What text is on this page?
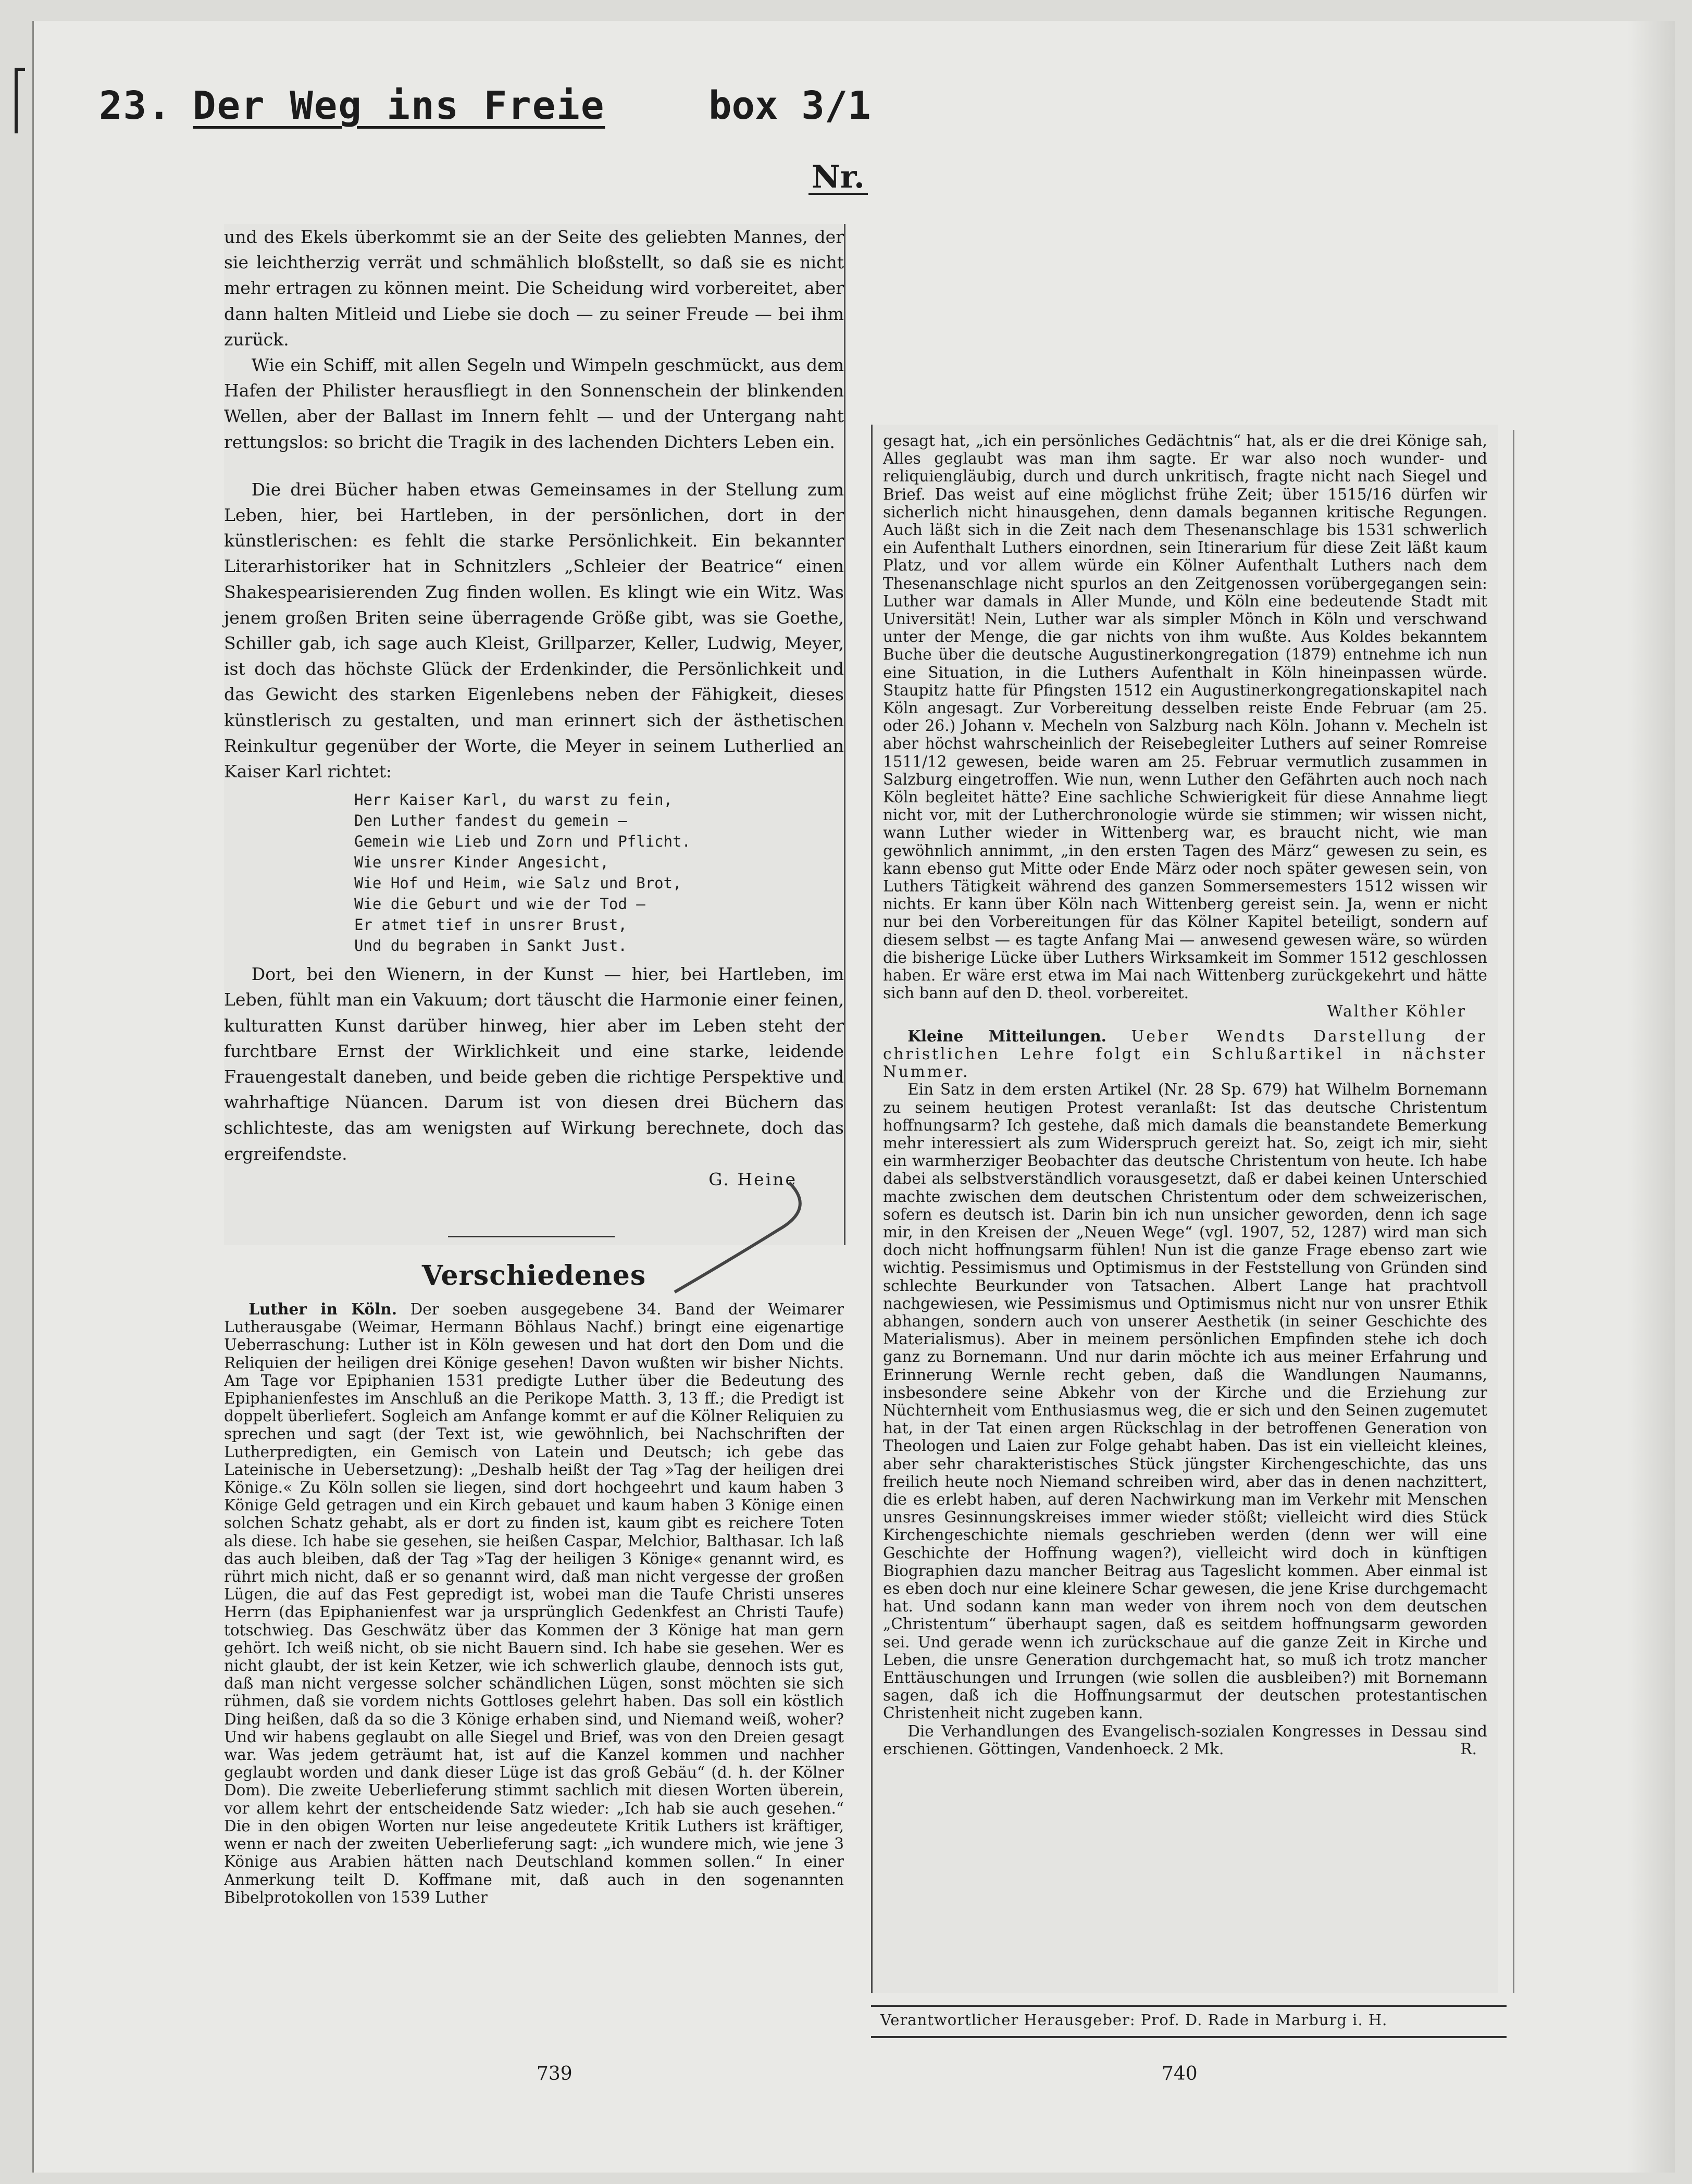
23. Der Weg ins Freie	box 3/1
Nr.

und des Ekels überkommt sie an der Seite des geliebten Mannes, der sie leichtherzig verrät und schmählich bloßstellt, so daß sie es nicht mehr ertragen zu können meint. Die Scheidung wird vorbereitet, aber dann halten Mitleid und Liebe sie doch — zu seiner Freude — bei ihm zurück.

Wie ein Schiff, mit allen Segeln und Wimpeln geschmückt, aus dem Hafen der Philister herausfliegt in den Sonnenschein der blinkenden Wellen, aber der Ballast im Innern fehlt — und der Untergang naht rettungslos: so bricht die Tragik in des lachenden Dichters Leben ein.

Die drei Bücher haben etwas Gemeinsames in der Stellung zum Leben, hier, bei Hartleben, in der persönlichen, dort in der künstlerischen: es fehlt die starke Persönlichkeit. Ein bekannter Literarhistoriker hat in Schnitzlers „Schleier der Beatrice“ einen Shakespearisierenden Zug finden wollen. Es klingt wie ein Witz. Was jenem großen Briten seine überragende Größe gibt, was sie Goethe, Schiller gab, ich sage auch Kleist, Grillparzer, Keller, Ludwig, Meyer, ist doch das höchste Glück der Erdenkinder, die Persönlichkeit und das Gewicht des starken Eigenlebens neben der Fähigkeit, dieses künstlerisch zu gestalten, und man erinnert sich der ästhetischen Reinkultur gegenüber der Worte, die Meyer in seinem Lutherlied an Kaiser Karl richtet:

Herr Kaiser Karl, du warst zu fein,
Den Luther fandest du gemein —
Gemein wie Lieb und Zorn und Pflicht.
Wie unsrer Kinder Angesicht,
Wie Hof und Heim, wie Salz und Brot,
Wie die Geburt und wie der Tod —
Er atmet tief in unsrer Brust,
Und du begraben in Sankt Just.

Dort, bei den Wienern, in der Kunst — hier, bei Hartleben, im Leben, fühlt man ein Vakuum; dort täuscht die Harmonie einer feinen, kulturatten Kunst darüber hinweg, hier aber im Leben steht der furchtbare Ernst der Wirklichkeit und eine starke, leidende Frauengestalt daneben, und beide geben die richtige Perspektive und wahrhaftige Nüancen. Darum ist von diesen drei Büchern das schlichteste, das am wenigsten auf Wirkung berechnete, doch das ergreifendste.

G. Heine

Verschiedenes

Luther in Köln. Der soeben ausgegebene 34. Band der Weimarer Lutherausgabe (Weimar, Hermann Böhlaus Nachf.) bringt eine eigenartige Ueberraschung: Luther ist in Köln gewesen und hat dort den Dom und die Reliquien der heiligen drei Könige gesehen! Davon wußten wir bisher Nichts. Am Tage vor Epiphanien 1531 predigte Luther über die Bedeutung des Epiphanienfestes im Anschluß an die Perikope Matth. 3, 13 ff.; die Predigt ist doppelt überliefert. Sogleich am Anfange kommt er auf die Kölner Reliquien zu sprechen und sagt (der Text ist, wie gewöhnlich, bei Nachschriften der Lutherpredigten, ein Gemisch von Latein und Deutsch; ich gebe das Lateinische in Uebersetzung): „Deshalb heißt der Tag »Tag der heiligen drei Könige.« Zu Köln sollen sie liegen, sind dort hochgeehrt und kaum haben 3 Könige Geld getragen und ein Kirch gebauet und kaum haben 3 Könige einen solchen Schatz gehabt, als er dort zu finden ist, kaum gibt es reichere Toten als diese. Ich habe sie gesehen, sie heißen Caspar, Melchior, Balthasar. Ich laß das auch bleiben, daß der Tag »Tag der heiligen 3 Könige« genannt wird, es rührt mich nicht, daß er so genannt wird, daß man nicht vergesse der großen Lügen, die auf das Fest gepredigt ist, wobei man die Taufe Christi unseres Herrn (das Epiphanienfest war ja ursprünglich Gedenkfest an Christi Taufe) totschwieg. Das Geschwätz über das Kommen der 3 Könige hat man gern gehört. Ich weiß nicht, ob sie nicht Bauern sind. Ich habe sie gesehen. Wer es nicht glaubt, der ist kein Ketzer, wie ich schwerlich glaube, dennoch ists gut, daß man nicht vergesse solcher schändlichen Lügen, sonst möchten sie sich rühmen, daß sie vordem nichts Gottloses gelehrt haben. Das soll ein köstlich Ding heißen, daß da so die 3 Könige erhaben sind, und Niemand weiß, woher? Und wir habens geglaubt on alle Siegel und Brief, was von den Dreien gesagt war. Was jedem geträumt hat, ist auf die Kanzel kommen und nachher geglaubt worden und dank dieser Lüge ist das groß Gebäu“ (d. h. der Kölner Dom). Die zweite Ueberlieferung stimmt sachlich mit diesen Worten überein, vor allem kehrt der entscheidende Satz wieder: „Ich hab sie auch gesehen.“ Die in den obigen Worten nur leise angedeutete Kritik Luthers ist kräftiger, wenn er nach der zweiten Ueberlieferung sagt: „ich wundere mich, wie jene 3 Könige aus Arabien hätten nach Deutschland kommen sollen.“ In einer Anmerkung teilt D. Koffmane mit, daß auch in den sogenannten Bibelprotokollen von 1539 Luther

gesagt hat, „ich ein persönliches Gedächtnis“ hat, als er die drei Könige sah, Alles geglaubt was man ihm sagte. Er war also noch wunder- und reliquiengläubig, durch und durch unkritisch, fragte nicht nach Siegel und Brief. Das weist auf eine möglichst frühe Zeit; über 1515/16 dürfen wir sicherlich nicht hinausgehen, denn damals begannen kritische Regungen. Auch läßt sich in die Zeit nach dem Thesenanschlage bis 1531 schwerlich ein Aufenthalt Luthers einordnen, sein Itinerarium für diese Zeit läßt kaum Platz, und vor allem würde ein Kölner Aufenthalt Luthers nach dem Thesenanschlage nicht spurlos an den Zeitgenossen vorübergegangen sein: Luther war damals in Aller Munde, und Köln eine bedeutende Stadt mit Universität! Nein, Luther war als simpler Mönch in Köln und verschwand unter der Menge, die gar nichts von ihm wußte. Aus Koldes bekanntem Buche über die deutsche Augustinerkongregation (1879) entnehme ich nun eine Situation, in die Luthers Aufenthalt in Köln hineinpassen würde. Staupitz hatte für Pfingsten 1512 ein Augustinerkongregationskapitel nach Köln angesagt. Zur Vorbereitung desselben reiste Ende Februar (am 25. oder 26.) Johann v. Mecheln von Salzburg nach Köln. Johann v. Mecheln ist aber höchst wahrscheinlich der Reisebegleiter Luthers auf seiner Romreise 1511/12 gewesen, beide waren am 25. Februar vermutlich zusammen in Salzburg eingetroffen. Wie nun, wenn Luther den Gefährten auch noch nach Köln begleitet hätte? Eine sachliche Schwierigkeit für diese Annahme liegt nicht vor, mit der Lutherchronologie würde sie stimmen; wir wissen nicht, wann Luther wieder in Wittenberg war, es braucht nicht, wie man gewöhnlich annimmt, „in den ersten Tagen des März“ gewesen zu sein, es kann ebenso gut Mitte oder Ende März oder noch später gewesen sein, von Luthers Tätigkeit während des ganzen Sommersemesters 1512 wissen wir nichts. Er kann über Köln nach Wittenberg gereist sein. Ja, wenn er nicht nur bei den Vorbereitungen für das Kölner Kapitel beteiligt, sondern auf diesem selbst — es tagte Anfang Mai — anwesend gewesen wäre, so würden die bisherige Lücke über Luthers Wirksamkeit im Sommer 1512 geschlossen haben. Er wäre erst etwa im Mai nach Wittenberg zurückgekehrt und hätte sich bann auf den D. theol. vorbereitet.

Walther Köhler

Kleine Mitteilungen. Ueber Wendts Darstellung der christlichen Lehre folgt ein Schlußartikel in nächster Nummer.

Ein Satz in dem ersten Artikel (Nr. 28 Sp. 679) hat Wilhelm Bornemann zu seinem heutigen Protest veranlaßt: Ist das deutsche Christentum hoffnungsarm? Ich gestehe, daß mich damals die beanstandete Bemerkung mehr interessiert als zum Widerspruch gereizt hat. So, zeigt ich mir, sieht ein warmherziger Beobachter das deutsche Christentum von heute. Ich habe dabei als selbstverständlich vorausgesetzt, daß er dabei keinen Unterschied machte zwischen dem deutschen Christentum oder dem schweizerischen, sofern es deutsch ist. Darin bin ich nun unsicher geworden, denn ich sage mir, in den Kreisen der „Neuen Wege“ (vgl. 1907, 52, 1287) wird man sich doch nicht hoffnungsarm fühlen! Nun ist die ganze Frage ebenso zart wie wichtig. Pessimismus und Optimismus in der Feststellung von Gründen sind schlechte Beurkunder von Tatsachen. Albert Lange hat prachtvoll nachgewiesen, wie Pessimismus und Optimismus nicht nur von unsrer Ethik abhangen, sondern auch von unserer Aesthetik (in seiner Geschichte des Materialismus). Aber in meinem persönlichen Empfinden stehe ich doch ganz zu Bornemann. Und nur darin möchte ich aus meiner Erfahrung und Erinnerung Wernle recht geben, daß die Wandlungen Naumanns, insbesondere seine Abkehr von der Kirche und die Erziehung zur Nüchternheit vom Enthusiasmus weg, die er sich und den Seinen zugemutet hat, in der Tat einen argen Rückschlag in der betroffenen Generation von Theologen und Laien zur Folge gehabt haben. Das ist ein vielleicht kleines, aber sehr charakteristisches Stück jüngster Kirchengeschichte, das uns freilich heute noch Niemand schreiben wird, aber das in denen nachzittert, die es erlebt haben, auf deren Nachwirkung man im Verkehr mit Menschen unsres Gesinnungskreises immer wieder stößt; vielleicht wird dies Stück Kirchengeschichte niemals geschrieben werden (denn wer will eine Geschichte der Hoffnung wagen?), vielleicht wird doch in künftigen Biographien dazu mancher Beitrag aus Tageslicht kommen. Aber einmal ist es eben doch nur eine kleinere Schar gewesen, die jene Krise durchgemacht hat. Und sodann kann man weder von ihrem noch von dem deutschen „Christentum“ überhaupt sagen, daß es seitdem hoffnungsarm geworden sei. Und gerade wenn ich zurückschaue auf die ganze Zeit in Kirche und Leben, die unsre Generation durchgemacht hat, so muß ich trotz mancher Enttäuschungen und Irrungen (wie sollen die ausbleiben?) mit Bornemann sagen, daß ich die Hoffnungsarmut der deutschen protestantischen Christenheit nicht zugeben kann.

Die Verhandlungen des Evangelisch-sozialen Kongresses in Dessau sind erschienen. Göttingen, Vandenhoeck. 2 Mk.	R.

Verantwortlicher Herausgeber: Prof. D. Rade in Marburg i. H.
739	740
